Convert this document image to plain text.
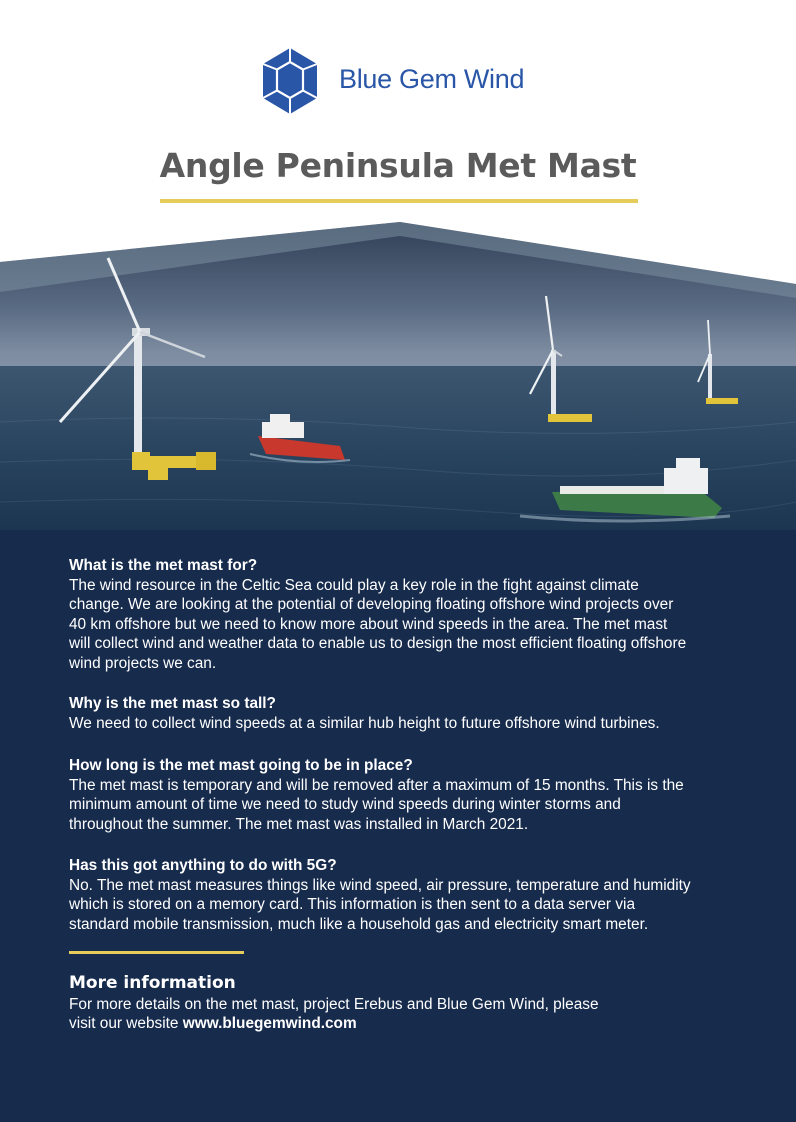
Blue Gem Wind
Angle Peninsula Met Mast
What is the met mast for?

The wind resource in the Celtic Sea could play a key role in the fight against climate

change. We are looking at the potential of developing floating offshore wind projects over

40 km offshore but we need to know more about wind speeds in the area. The met mast

will collect wind and weather data to enable us to design the most efficient floating offshore

wind projects we can.

Why is the met mast so tall?

We need to collect wind speeds at a similar hub height to future offshore wind turbines.

How long is the met mast going to be in place?

The met mast is temporary and will be removed after a maximum of 15 months. This is the

minimum amount of time we need to study wind speeds during winter storms and

throughout the summer. The met mast was installed in March 2021.

Has this got anything to do with 5G?

No. The met mast measures things like wind speed, air pressure, temperature and humidity

which is stored on a memory card. This information is then sent to a data server via

standard mobile transmission, much like a household gas and electricity smart meter.

More information

For more details on the met mast, project Erebus and Blue Gem Wind, please

visit our website www.bluegemwind.com
